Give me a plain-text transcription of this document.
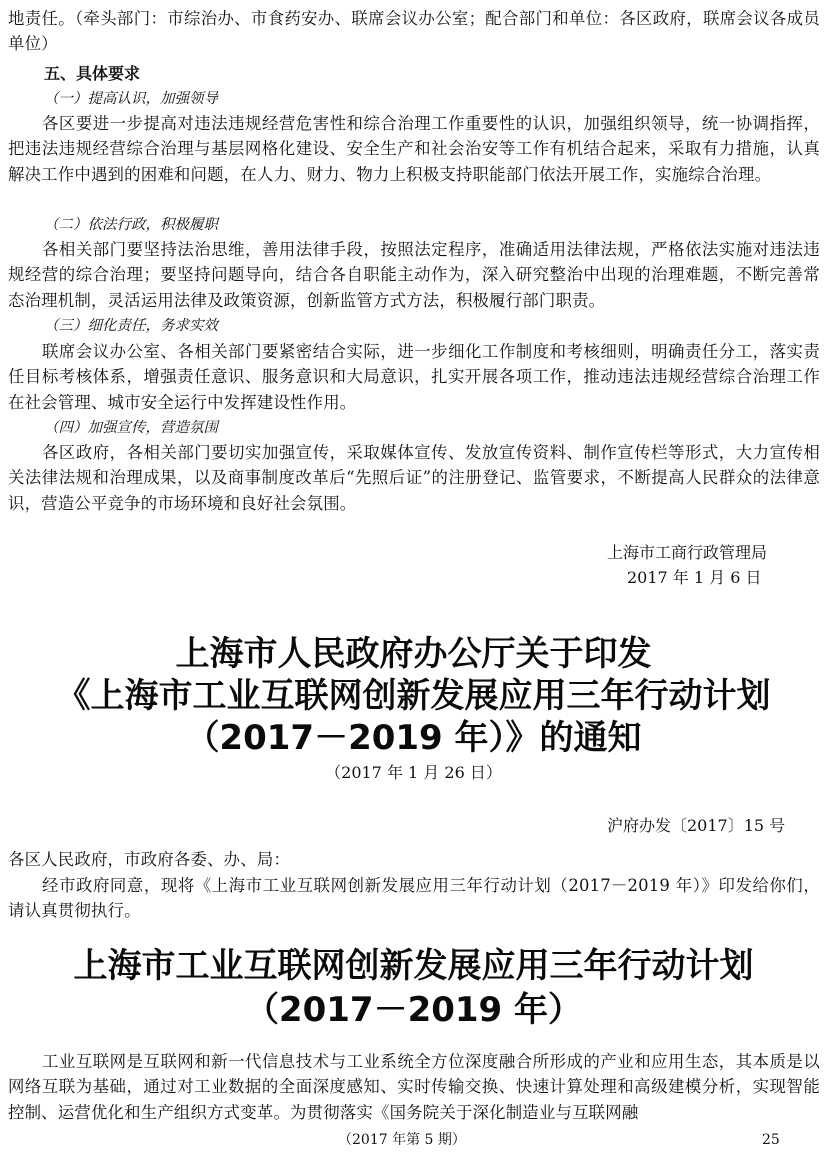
地责任。（牵头部门：市综治办、市食药安办、联席会议办公室；配合部门和单位：各区政府，联席会议各成员单位）

五、具体要求

（一）提高认识，加强领导

各区要进一步提高对违法违规经营危害性和综合治理工作重要性的认识，加强组织领导，统一协调指挥，把违法违规经营综合治理与基层网格化建设、安全生产和社会治安等工作有机结合起来，采取有力措施，认真解决工作中遇到的困难和问题，在人力、财力、物力上积极支持职能部门依法开展工作，实施综合治理。

（二）依法行政，积极履职

各相关部门要坚持法治思维，善用法律手段，按照法定程序，准确适用法律法规，严格依法实施对违法违规经营的综合治理；要坚持问题导向，结合各自职能主动作为，深入研究整治中出现的治理难题，不断完善常态治理机制，灵活运用法律及政策资源，创新监管方式方法，积极履行部门职责。

（三）细化责任，务求实效

联席会议办公室、各相关部门要紧密结合实际，进一步细化工作制度和考核细则，明确责任分工，落实责任目标考核体系，增强责任意识、服务意识和大局意识，扎实开展各项工作，推动违法违规经营综合治理工作在社会管理、城市安全运行中发挥建设性作用。

（四）加强宣传，营造氛围

各区政府，各相关部门要切实加强宣传，采取媒体宣传、发放宣传资料、制作宣传栏等形式，大力宣传相关法律法规和治理成果，以及商事制度改革后“先照后证”的注册登记、监管要求，不断提高人民群众的法律意识，营造公平竞争的市场环境和良好社会氛围。

上海市工商行政管理局

2017 年 1 月 6 日

上海市人民政府办公厅关于印发

《上海市工业互联网创新发展应用三年行动计划

（2017－2019 年）》的通知

（2017 年 1 月 26 日）

沪府办发〔2017〕15 号

各区人民政府，市政府各委、办、局：

经市政府同意，现将《上海市工业互联网创新发展应用三年行动计划（2017－2019 年）》印发给你们，请认真贯彻执行。

上海市工业互联网创新发展应用三年行动计划

（2017－2019 年）

工业互联网是互联网和新一代信息技术与工业系统全方位深度融合所形成的产业和应用生态，其本质是以网络互联为基础，通过对工业数据的全面深度感知、实时传输交换、快速计算处理和高级建模分析，实现智能控制、运营优化和生产组织方式变革。为贯彻落实《国务院关于深化制造业与互联网融

（2017 年第 5 期）	25
